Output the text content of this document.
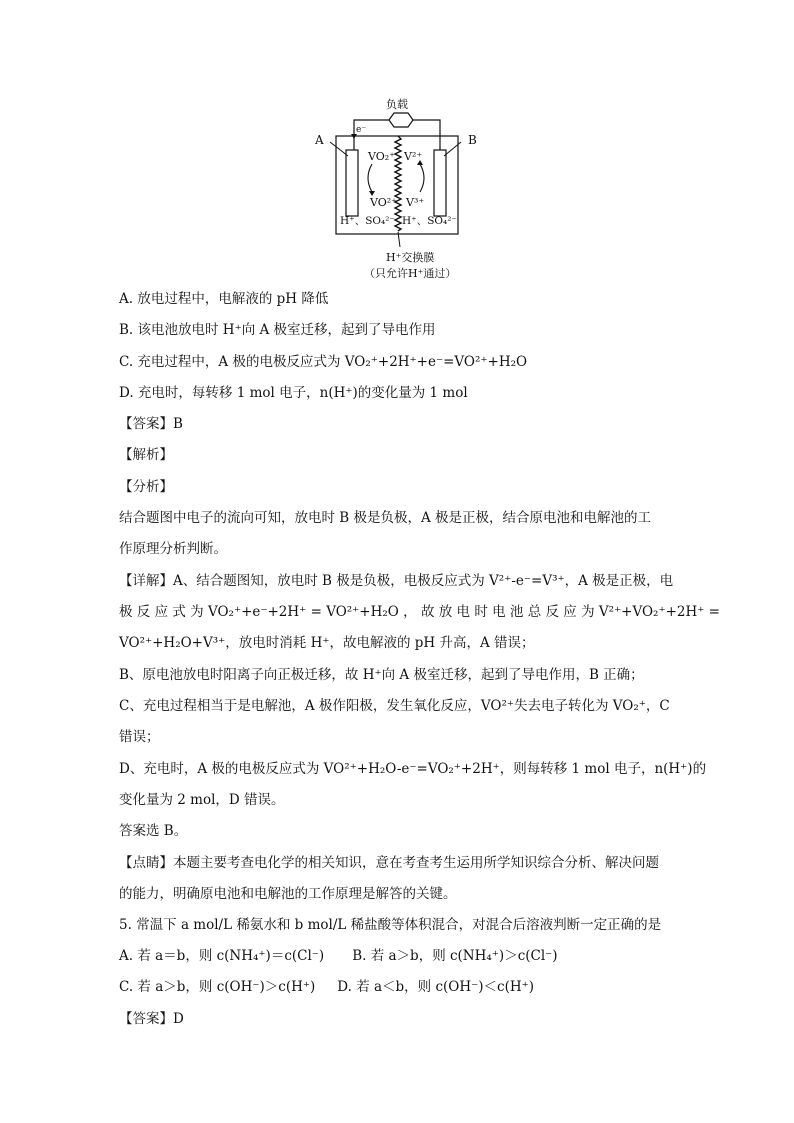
负载
e⁻
A	B
VO₂⁺
VO²⁺
H⁺、SO₄²⁻
V²⁺
V³⁺
H⁺、SO₄²⁻
H⁺交换膜
（只允许H⁺通过）
A. 放电过程中，电解液的 pH 降低
B. 该电池放电时 H⁺向 A 极室迁移，起到了导电作用
C. 充电过程中，A 极的电极反应式为 VO₂⁺+2H⁺+e⁻=VO²⁺+H₂O
D. 充电时，每转移 1 mol 电子，n(H⁺)的变化量为 1 mol
【答案】B
【解析】
【分析】
结合题图中电子的流向可知，放电时 B 极是负极，A 极是正极，结合原电池和电解池的工
作原理分析判断。
【详解】A、结合题图知，放电时 B 极是负极，电极反应式为 V²⁺-e⁻=V³⁺，A 极是正极，电
极 反 应 式 为 VO₂⁺+e⁻+2H⁺ = VO²⁺+H₂O ， 故 放 电 时 电 池 总 反 应 为 V²⁺+VO₂⁺+2H⁺ =
VO²⁺+H₂O+V³⁺，放电时消耗 H⁺，故电解液的 pH 升高，A 错误；
B、原电池放电时阳离子向正极迁移，故 H⁺向 A 极室迁移，起到了导电作用，B 正确；
C、充电过程相当于是电解池，A 极作阳极，发生氧化反应，VO²⁺失去电子转化为 VO₂⁺，C
错误；
D、充电时，A 极的电极反应式为 VO²⁺+H₂O-e⁻=VO₂⁺+2H⁺，则每转移 1 mol 电子，n(H⁺)的
变化量为 2 mol，D 错误。
答案选 B。
【点睛】本题主要考查电化学的相关知识，意在考查考生运用所学知识综合分析、解决问题
的能力，明确原电池和电解池的工作原理是解答的关键。
5. 常温下 a mol/L 稀氨水和 b mol/L 稀盐酸等体积混合，对混合后溶液判断一定正确的是
A. 若 a＝b，则 c(NH₄⁺)＝c(Cl⁻) B. 若 a＞b，则 c(NH₄⁺)＞c(Cl⁻)
C. 若 a＞b，则 c(OH⁻)＞c(H⁺) D. 若 a＜b，则 c(OH⁻)＜c(H⁺)
【答案】D
